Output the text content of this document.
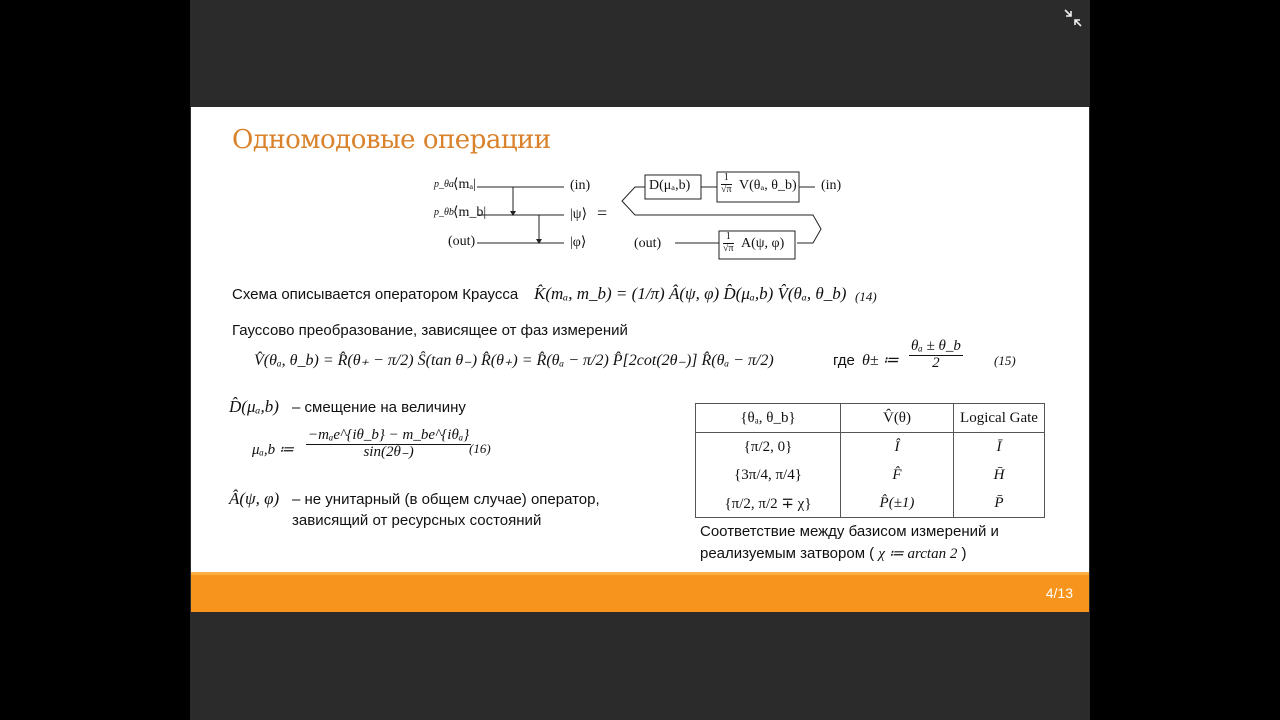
Одномодовые операции
p_θa ⟨mₐ|
p_θb ⟨m_b|
(out)
(in)
|ψ⟩
|φ⟩
=
D(μₐ,b)	$\frac{1}{√\pi} V(\theta_a$, θ_b) (in)
(out)	$\frac{1}{√\pi} A(\psi$, φ)
Схема описывается оператором Краусса K̂(mₐ, m_b) = (1/π) Â(ψ, φ) D̂(μₐ,b) V̂(θₐ, θ_b) (14)
Гауссово преобразование, зависящее от фаз измерений
V̂(θₐ, θ_b) = R̂(θ₊ − π/2) Ŝ(tan θ₋) R̂(θ₊) = R̂(θₐ − π/2) P̂[2cot(2θ₋)] R̂(θₐ − π/2)	где θ± ≔ $\frac{\text{θₐ ± θ\_b}}{2} (15)$
D̂(μₐ,b) – смещение на величину
μₐ,b ≔ $\frac{\text{−mₐe\textasciicircum{}\{iθ\_b\} − m\_be\textasciicircum{}\{iθₐ\}}}{\sin(2\theta_-)}$
(16)
Â(ψ, φ) – не унитарный (в общем случае) оператор,
зависящий от ресурсных состояний
{θₐ, θ_b}	V̂(θ)	Logical Gate
{π/2, 0}	Î	Ī
{3π/4, π/4}	F̂	H̄
{π/2, π/2 ∓ χ}	P̂(±1)	P̄
Соответствие между базисом измерений и
реализуемым затвором ( χ ≔ arctan 2 )
4/13
